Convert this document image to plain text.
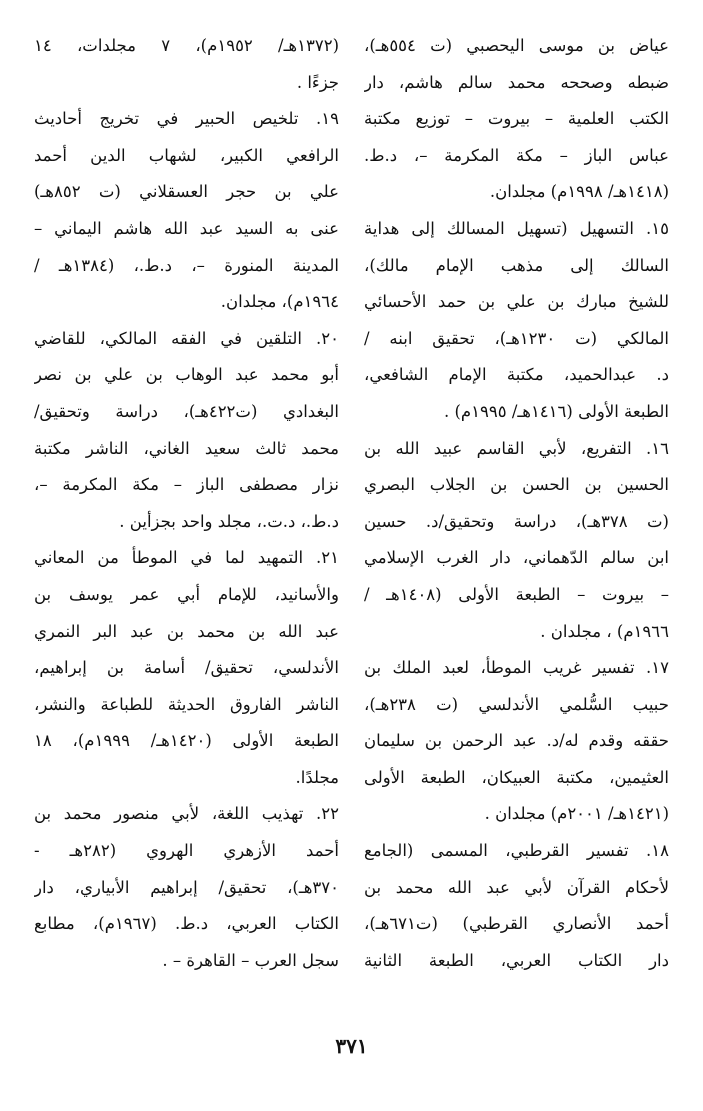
عياض بن موسى اليحصبي (ت ٥٥٤هـ)،
ضبطه وصححه محمد سالم هاشم، دار
الكتب العلمية – بيروت – توزيع مكتبة
عباس الباز – مكة المكرمة –، د.ط.
(١٤١٨هـ/ ١٩٩٨م) مجلدان.
١٥. التسهيل (تسهيل المسالك إلى هداية
السالك إلى مذهب الإمام مالك)،
للشيخ مبارك بن علي بن حمد الأحسائي
المالكي (ت ١٢٣٠هـ)، تحقيق ابنه /
د. عبدالحميد، مكتبة الإمام الشافعي،
الطبعة الأولى (١٤١٦هـ/ ١٩٩٥م) .
١٦. التفريع، لأبي القاسم عبيد الله بن
الحسين بن الحسن بن الجلاب البصري
(ت ٣٧٨هـ)، دراسة وتحقيق/د. حسين
ابن سالم الدّهماني، دار الغرب الإسلامي
– بيروت – الطبعة الأولى (١٤٠٨هـ /
١٩٦٦م) ، مجلدان .
١٧. تفسير غريب الموطأ، لعبد الملك بن
حبيب السُّلمي الأندلسي (ت ٢٣٨هـ)،
حققه وقدم له/د. عبد الرحمن بن سليمان
العثيمين، مكتبة العبيكان، الطبعة الأولى
(١٤٢١هـ/ ٢٠٠١م) مجلدان .
١٨. تفسير القرطبي، المسمى (الجامع
لأحكام القرآن لأبي عبد الله محمد بن
أحمد الأنصاري القرطبي) (ت٦٧١هـ)،
دار الكتاب العربي، الطبعة الثانية
(١٣٧٢هـ/ ١٩٥٢م)، ٧ مجلدات، ١٤
جزءًا .
١٩. تلخيص الحبير في تخريج أحاديث
الرافعي الكبير، لشهاب الدين أحمد
علي بن حجر العسقلاني (ت ٨٥٢هـ)
عنى به السيد عبد الله هاشم اليماني –
المدينة المنورة –، د.ط.، (١٣٨٤هـ /
١٩٦٤م)، مجلدان.
٢٠. التلقين في الفقه المالكي، للقاضي
أبو محمد عبد الوهاب بن علي بن نصر
البغدادي (ت٤٢٢هـ)، دراسة وتحقيق/
محمد ثالث سعيد الغاني، الناشر مكتبة
نزار مصطفى الباز – مكة المكرمة –،
د.ط.، د.ت.، مجلد واحد بجزأين .
٢١. التمهيد لما في الموطأ من المعاني
والأسانيد، للإمام أبي عمر يوسف بن
عبد الله بن محمد بن عبد البر النمري
الأندلسي، تحقيق/ أسامة بن إبراهيم،
الناشر الفاروق الحديثة للطباعة والنشر،
الطبعة الأولى (١٤٢٠هـ/ ١٩٩٩م)، ١٨
مجلدًا.
٢٢. تهذيب اللغة، لأبي منصور محمد بن
أحمد الأزهري الهروي (٢٨٢هـ -
٣٧٠هـ)، تحقيق/ إبراهيم الأبياري، دار
الكتاب العربي، د.ط. (١٩٦٧م)، مطابع
سجل العرب – القاهرة – .
٣٧١
